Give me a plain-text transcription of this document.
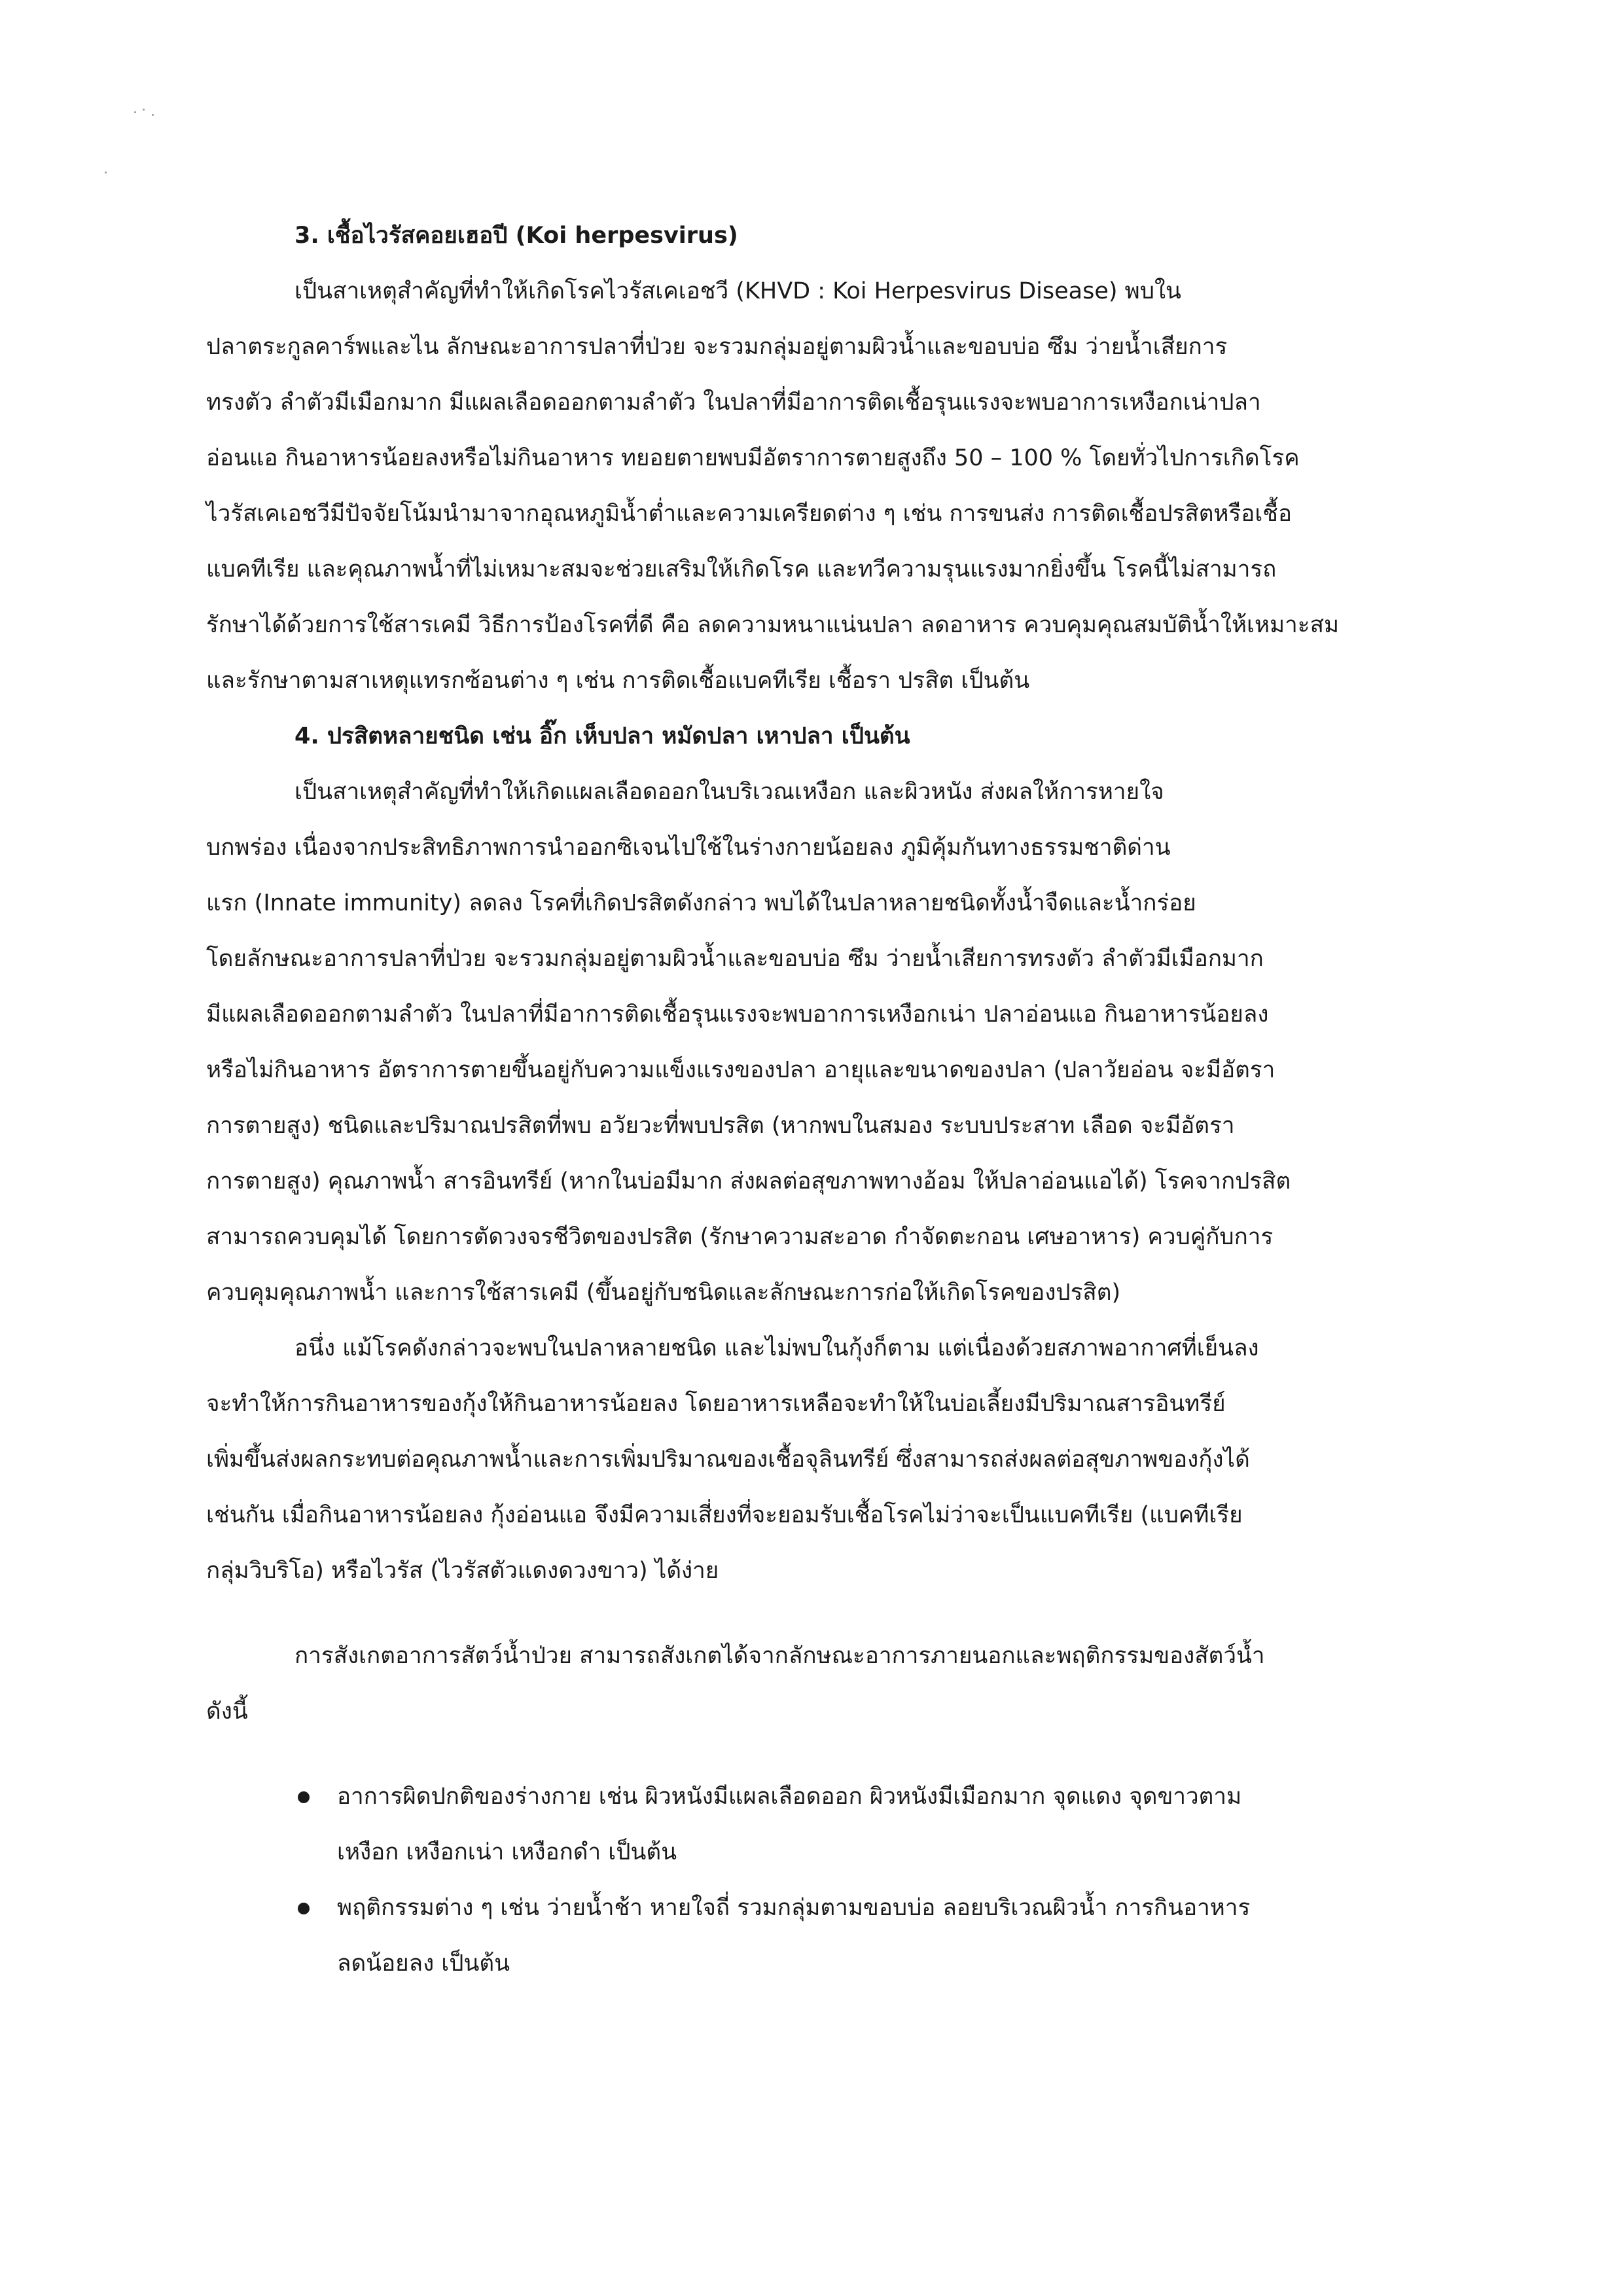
3. เชื้อไวรัสคอยเฮอปี (Koi herpesvirus)
เป็นสาเหตุสำคัญที่ทำให้เกิดโรคไวรัสเคเอชวี (KHVD : Koi Herpesvirus Disease) พบใน
ปลาตระกูลคาร์พและไน ลักษณะอาการปลาที่ป่วย จะรวมกลุ่มอยู่ตามผิวน้ำและขอบบ่อ ซึม ว่ายน้ำเสียการ
ทรงตัว ลำตัวมีเมือกมาก มีแผลเลือดออกตามลำตัว ในปลาที่มีอาการติดเชื้อรุนแรงจะพบอาการเหงือกเน่าปลา
อ่อนแอ กินอาหารน้อยลงหรือไม่กินอาหาร ทยอยตายพบมีอัตราการตายสูงถึง 50 – 100 % โดยทั่วไปการเกิดโรค
ไวรัสเคเอชวีมีปัจจัยโน้มนำมาจากอุณหภูมิน้ำต่ำและความเครียดต่าง ๆ เช่น การขนส่ง การติดเชื้อปรสิตหรือเชื้อ
แบคทีเรีย และคุณภาพน้ำที่ไม่เหมาะสมจะช่วยเสริมให้เกิดโรค และทวีความรุนแรงมากยิ่งขึ้น โรคนี้ไม่สามารถ
รักษาได้ด้วยการใช้สารเคมี วิธีการป้องโรคที่ดี คือ ลดความหนาแน่นปลา ลดอาหาร ควบคุมคุณสมบัติน้ำให้เหมาะสม
และรักษาตามสาเหตุแทรกซ้อนต่าง ๆ เช่น การติดเชื้อแบคทีเรีย เชื้อรา ปรสิต เป็นต้น
4. ปรสิตหลายชนิด เช่น อิ๊ก เห็บปลา หมัดปลา เหาปลา เป็นต้น
เป็นสาเหตุสำคัญที่ทำให้เกิดแผลเลือดออกในบริเวณเหงือก และผิวหนัง ส่งผลให้การหายใจ
บกพร่อง เนื่องจากประสิทธิภาพการนำออกซิเจนไปใช้ในร่างกายน้อยลง ภูมิคุ้มกันทางธรรมชาติด่าน
แรก (Innate immunity) ลดลง โรคที่เกิดปรสิตดังกล่าว พบได้ในปลาหลายชนิดทั้งน้ำจืดและน้ำกร่อย
โดยลักษณะอาการปลาที่ป่วย จะรวมกลุ่มอยู่ตามผิวน้ำและขอบบ่อ ซึม ว่ายน้ำเสียการทรงตัว ลำตัวมีเมือกมาก
มีแผลเลือดออกตามลำตัว ในปลาที่มีอาการติดเชื้อรุนแรงจะพบอาการเหงือกเน่า ปลาอ่อนแอ กินอาหารน้อยลง
หรือไม่กินอาหาร อัตราการตายขึ้นอยู่กับความแข็งแรงของปลา อายุและขนาดของปลา (ปลาวัยอ่อน จะมีอัตรา
การตายสูง) ชนิดและปริมาณปรสิตที่พบ อวัยวะที่พบปรสิต (หากพบในสมอง ระบบประสาท เลือด จะมีอัตรา
การตายสูง) คุณภาพน้ำ สารอินทรีย์ (หากในบ่อมีมาก ส่งผลต่อสุขภาพทางอ้อม ให้ปลาอ่อนแอได้) โรคจากปรสิต
สามารถควบคุมได้ โดยการตัดวงจรชีวิตของปรสิต (รักษาความสะอาด กำจัดตะกอน เศษอาหาร) ควบคู่กับการ
ควบคุมคุณภาพน้ำ และการใช้สารเคมี (ขึ้นอยู่กับชนิดและลักษณะการก่อให้เกิดโรคของปรสิต)
อนึ่ง แม้โรคดังกล่าวจะพบในปลาหลายชนิด และไม่พบในกุ้งก็ตาม แต่เนื่องด้วยสภาพอากาศที่เย็นลง
จะทำให้การกินอาหารของกุ้งให้กินอาหารน้อยลง โดยอาหารเหลือจะทำให้ในบ่อเลี้ยงมีปริมาณสารอินทรีย์
เพิ่มขึ้นส่งผลกระทบต่อคุณภาพน้ำและการเพิ่มปริมาณของเชื้อจุลินทรีย์ ซึ่งสามารถส่งผลต่อสุขภาพของกุ้งได้
เช่นกัน เมื่อกินอาหารน้อยลง กุ้งอ่อนแอ จึงมีความเสี่ยงที่จะยอมรับเชื้อโรคไม่ว่าจะเป็นแบคทีเรีย (แบคทีเรีย
กลุ่มวิบริโอ) หรือไวรัส (ไวรัสตัวแดงดวงขาว) ได้ง่าย
การสังเกตอาการสัตว์น้ำป่วย สามารถสังเกตได้จากลักษณะอาการภายนอกและพฤติกรรมของสัตว์น้ำ
ดังนี้
อาการผิดปกติของร่างกาย เช่น ผิวหนังมีแผลเลือดออก ผิวหนังมีเมือกมาก จุดแดง จุดขาวตาม
เหงือก เหงือกเน่า เหงือกดำ เป็นต้น
พฤติกรรมต่าง ๆ เช่น ว่ายน้ำช้า หายใจถี่ รวมกลุ่มตามขอบบ่อ ลอยบริเวณผิวน้ำ การกินอาหาร
ลดน้อยลง เป็นต้น
